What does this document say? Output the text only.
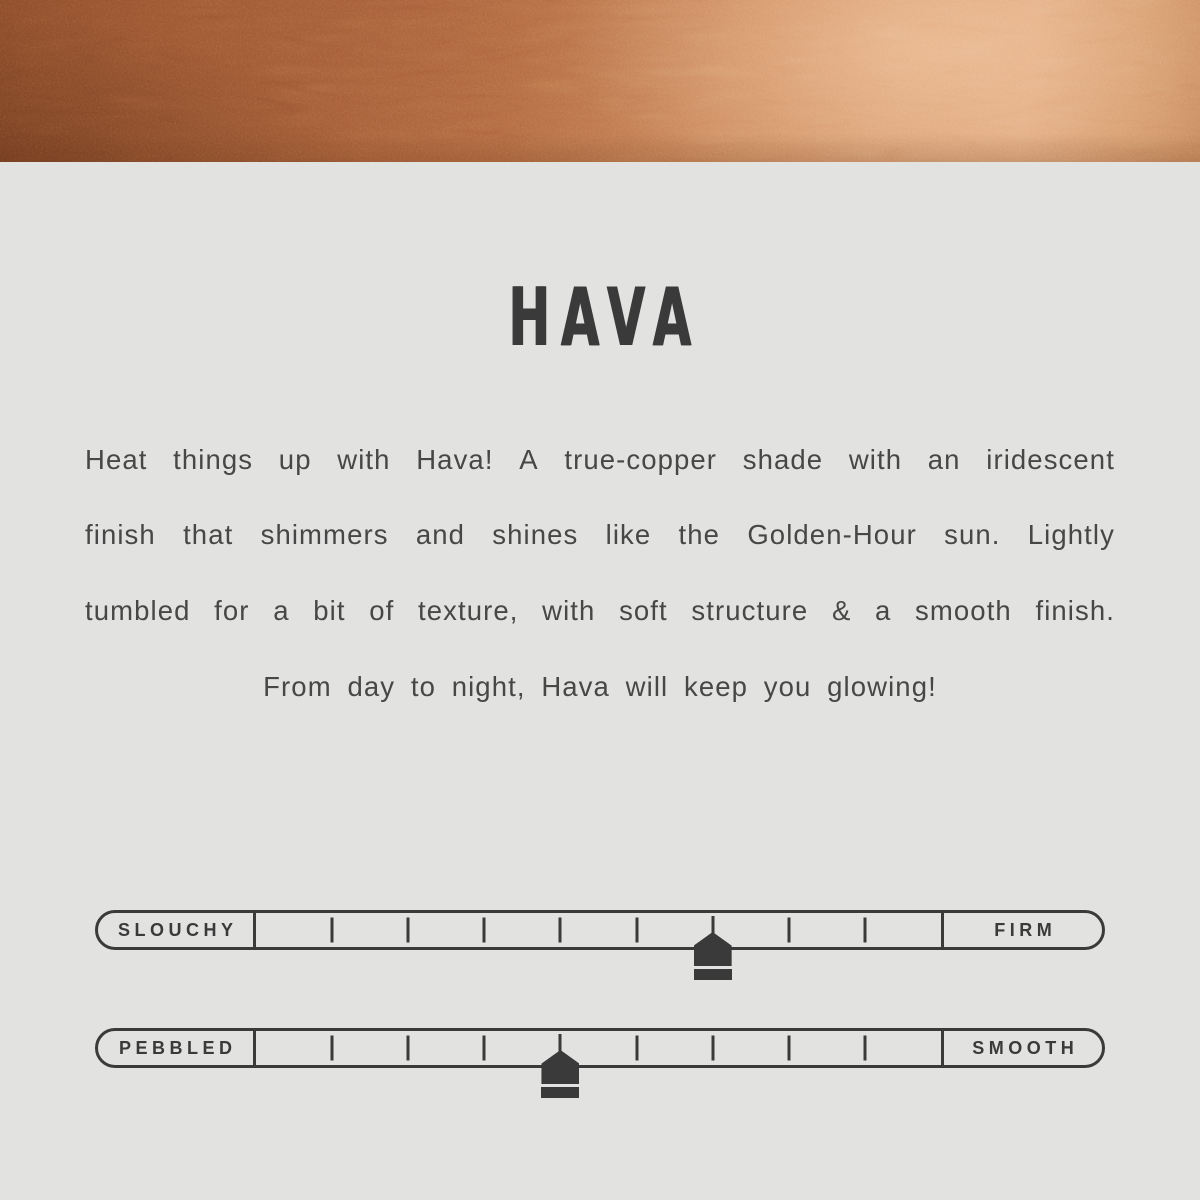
HAVA
Heat things up with Hava! A true-copper shade with an iridescent
finish that shimmers and shines like the Golden-Hour sun. Lightly
tumbled for a bit of texture, with soft structure & a smooth finish.
From day to night, Hava will keep you glowing!
SLOUCHY	FIRM
PEBBLED	SMOOTH
